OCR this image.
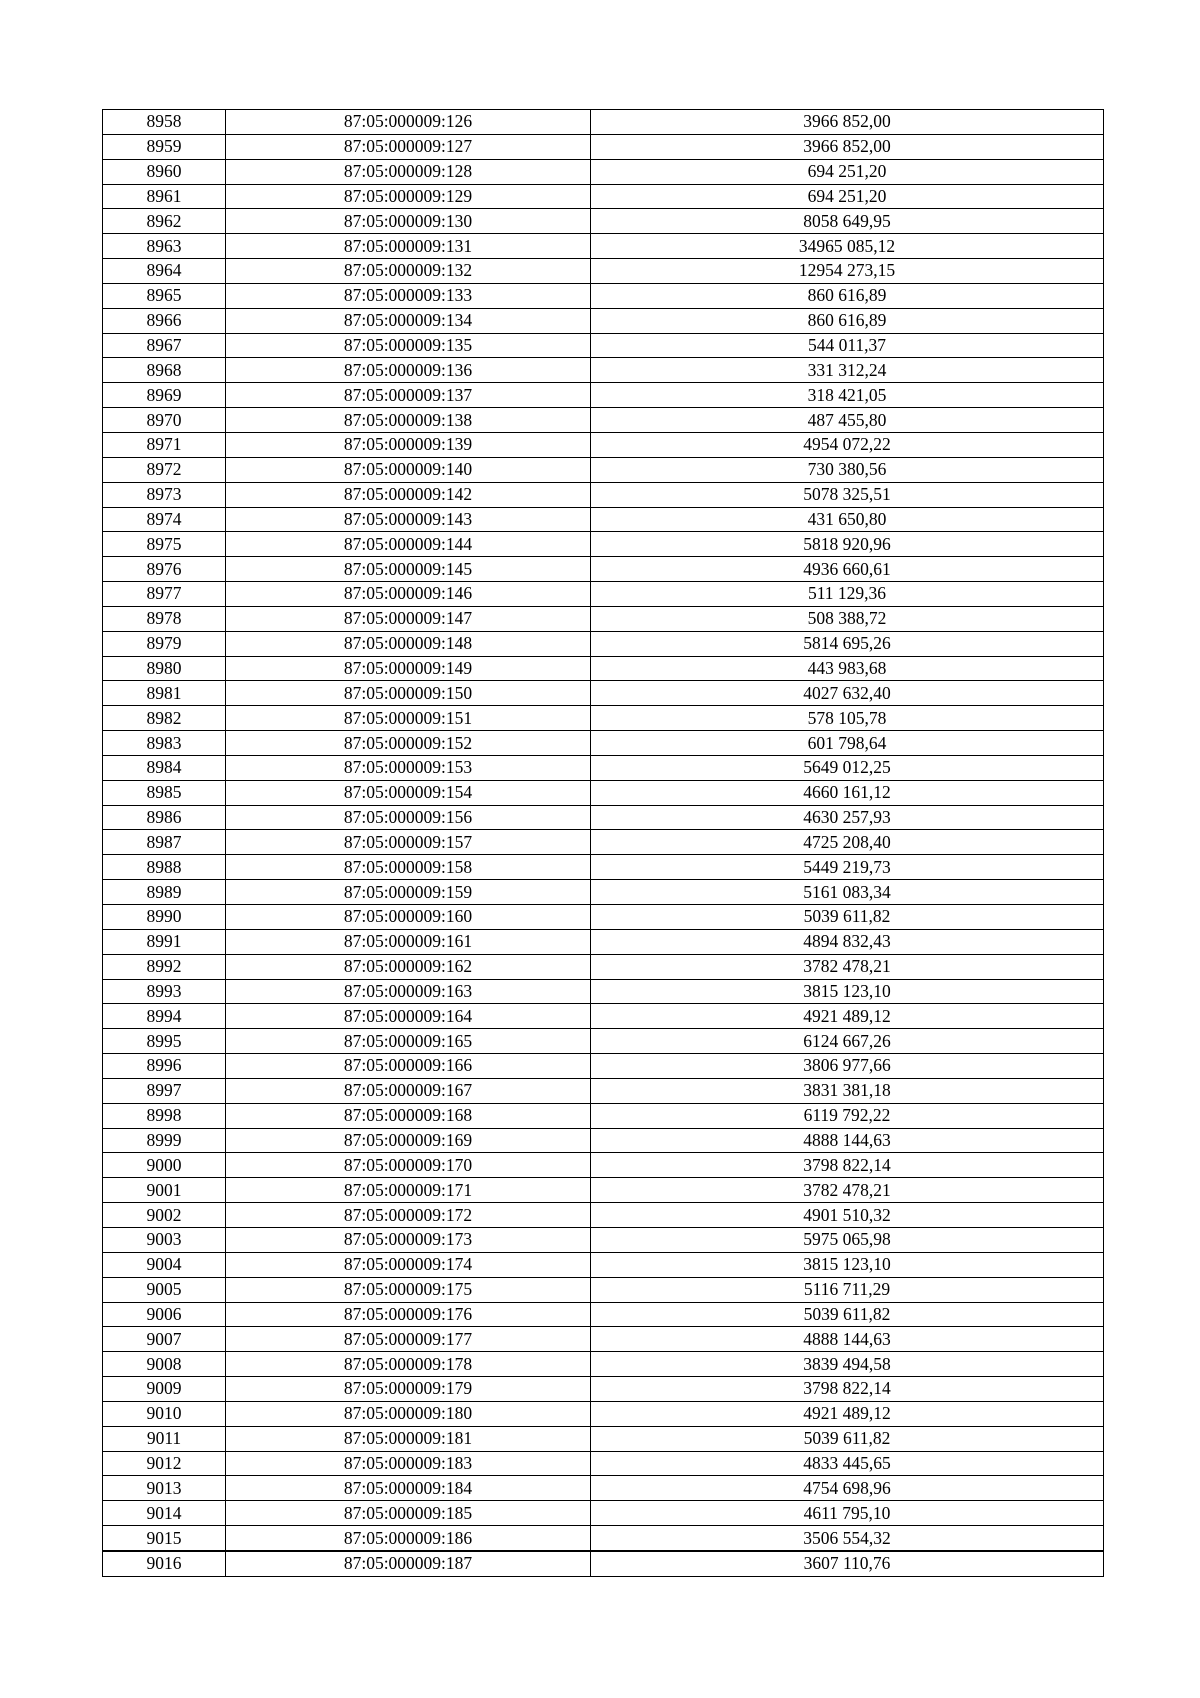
8958	87:05:000009:126	3966 852,00
8959	87:05:000009:127	3966 852,00
8960	87:05:000009:128	694 251,20
8961	87:05:000009:129	694 251,20
8962	87:05:000009:130	8058 649,95
8963	87:05:000009:131	34965 085,12
8964	87:05:000009:132	12954 273,15
8965	87:05:000009:133	860 616,89
8966	87:05:000009:134	860 616,89
8967	87:05:000009:135	544 011,37
8968	87:05:000009:136	331 312,24
8969	87:05:000009:137	318 421,05
8970	87:05:000009:138	487 455,80
8971	87:05:000009:139	4954 072,22
8972	87:05:000009:140	730 380,56
8973	87:05:000009:142	5078 325,51
8974	87:05:000009:143	431 650,80
8975	87:05:000009:144	5818 920,96
8976	87:05:000009:145	4936 660,61
8977	87:05:000009:146	511 129,36
8978	87:05:000009:147	508 388,72
8979	87:05:000009:148	5814 695,26
8980	87:05:000009:149	443 983,68
8981	87:05:000009:150	4027 632,40
8982	87:05:000009:151	578 105,78
8983	87:05:000009:152	601 798,64
8984	87:05:000009:153	5649 012,25
8985	87:05:000009:154	4660 161,12
8986	87:05:000009:156	4630 257,93
8987	87:05:000009:157	4725 208,40
8988	87:05:000009:158	5449 219,73
8989	87:05:000009:159	5161 083,34
8990	87:05:000009:160	5039 611,82
8991	87:05:000009:161	4894 832,43
8992	87:05:000009:162	3782 478,21
8993	87:05:000009:163	3815 123,10
8994	87:05:000009:164	4921 489,12
8995	87:05:000009:165	6124 667,26
8996	87:05:000009:166	3806 977,66
8997	87:05:000009:167	3831 381,18
8998	87:05:000009:168	6119 792,22
8999	87:05:000009:169	4888 144,63
9000	87:05:000009:170	3798 822,14
9001	87:05:000009:171	3782 478,21
9002	87:05:000009:172	4901 510,32
9003	87:05:000009:173	5975 065,98
9004	87:05:000009:174	3815 123,10
9005	87:05:000009:175	5116 711,29
9006	87:05:000009:176	5039 611,82
9007	87:05:000009:177	4888 144,63
9008	87:05:000009:178	3839 494,58
9009	87:05:000009:179	3798 822,14
9010	87:05:000009:180	4921 489,12
9011	87:05:000009:181	5039 611,82
9012	87:05:000009:183	4833 445,65
9013	87:05:000009:184	4754 698,96
9014	87:05:000009:185	4611 795,10
9015	87:05:000009:186	3506 554,32
9016	87:05:000009:187	3607 110,76
